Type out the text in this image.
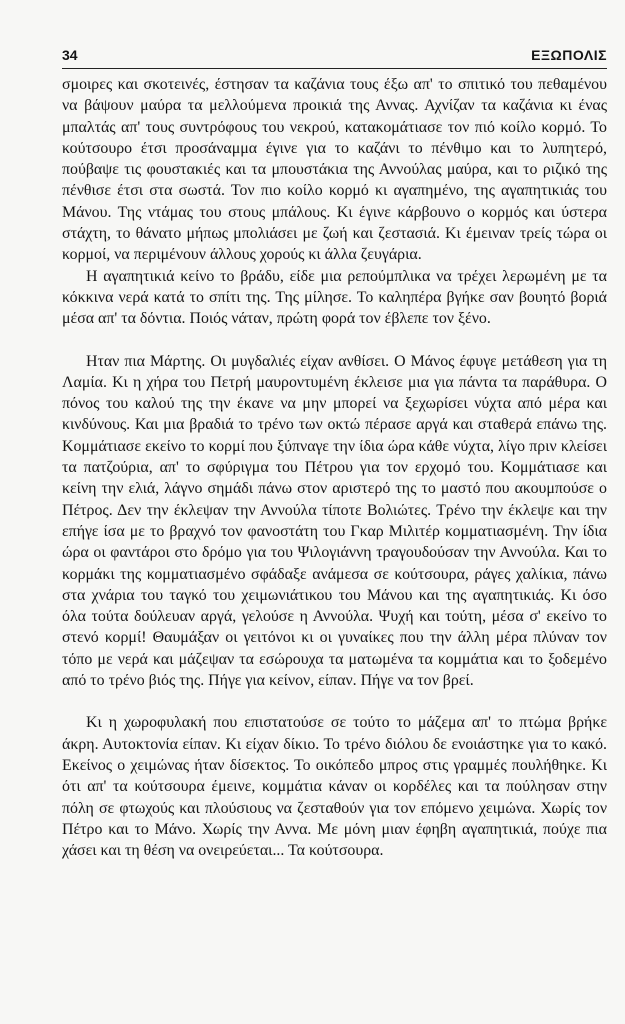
34	ΕΞΩΠΟΛΙΣ

σμοιρες και σκοτεινές, έστησαν τα καζάνια τους έξω απ' το σπιτικό του πεθαμένου να βάψουν μαύρα τα μελλούμενα προικιά της Αννας. Αχνίζαν τα καζάνια κι ένας μπαλτάς απ' τους συντρόφους του νεκρού, κατακομάτιασε τον πιό κοίλο κορμό. Το κούτσουρο έτσι προσάναμμα έγινε για το καζάνι το πένθιμο και το λυπητερό, πούβαψε τις φουστακιές και τα μπουστάκια της Αννούλας μαύρα, και το ριζικό της πένθισε έτσι στα σωστά. Τον πιο κοίλο κορμό κι αγαπημένο, της αγαπητικιάς του Μάνου. Της ντάμας του στους μπάλους. Κι έγινε κάρβουνο ο κορμός και ύστερα στάχτη, το θάνατο μήπως μπολιάσει με ζωή και ζεστασιά. Κι έμειναν τρείς τώρα οι κορμοί, να περιμένουν άλλους χορούς κι άλλα ζευγάρια.

Η αγαπητικιά κείνο το βράδυ, είδε μια ρεπούμπλικα να τρέχει λερωμένη με τα κόκκινα νερά κατά το σπίτι της. Της μίλησε. Το καληπέρα βγήκε σαν βουητό βοριά μέσα απ' τα δόντια. Ποιός νάταν, πρώτη φορά τον έβλεπε τον ξένο.

Ηταν πια Μάρτης. Οι μυγδαλιές είχαν ανθίσει. Ο Μάνος έφυγε μετάθεση για τη Λαμία. Κι η χήρα του Πετρή μαυροντυμένη έκλεισε μια για πάντα τα παράθυρα. Ο πόνος του καλού της την έκανε να μην μπορεί να ξεχωρίσει νύχτα από μέρα και κινδύνους. Και μια βραδιά το τρένο των οκτώ πέρασε αργά και σταθερά επάνω της. Κομμάτιασε εκείνο το κορμί που ξύπναγε την ίδια ώρα κάθε νύχτα, λίγο πριν κλείσει τα πατζούρια, απ' το σφύριγμα του Πέτρου για τον ερχομό του. Κομμάτιασε και κείνη την ελιά, λάγνο σημάδι πάνω στον αριστερό της το μαστό που ακουμπούσε ο Πέτρος. Δεν την έκλεψαν την Αννούλα τίποτε Βολιώτες. Τρένο την έκλεψε και την επήγε ίσα με το βραχνό τον φανοστάτη του Γκαρ Μιλιτέρ κομματιασμένη. Την ίδια ώρα οι φαντάροι στο δρόμο για του Ψιλογιάννη τραγουδούσαν την Αννούλα. Και το κορμάκι της κομματιασμένο σφάδαξε ανάμεσα σε κούτσουρα, ράγες χαλίκια, πάνω στα χνάρια του ταγκό του χειμωνιάτικου του Μάνου και της αγαπητικιάς. Κι όσο όλα τούτα δούλευαν αργά, γελούσε η Αννούλα. Ψυχή και τούτη, μέσα σ' εκείνο το στενό κορμί! Θαυμάξαν οι γειτόνοι κι οι γυναίκες που την άλλη μέρα πλύναν τον τόπο με νερά και μάζεψαν τα εσώρουχα τα ματωμένα τα κομμάτια και το ξοδεμένο από το τρένο βιός της. Πήγε για κείνον, είπαν. Πήγε να τον βρεί.

Κι η χωροφυλακή που επιστατούσε σε τούτο το μάζεμα απ' το πτώμα βρήκε άκρη. Αυτοκτονία είπαν. Κι είχαν δίκιο. Το τρένο διόλου δε ενοιάστηκε για το κακό. Εκείνος ο χειμώνας ήταν δίσεκτος. Το οικόπεδο μπρος στις γραμμές πουλήθηκε. Κι ότι απ' τα κούτσουρα έμεινε, κομμάτια κάναν οι κορδέλες και τα πούλησαν στην πόλη σε φτωχούς και πλούσιους να ζεσταθούν για τον επόμενο χειμώνα. Χωρίς τον Πέτρο και το Μάνο. Χωρίς την Αννα. Με μόνη μιαν έφηβη αγαπητικιά, πούχε πια χάσει και τη θέση να ονειρεύεται... Τα κούτσουρα.
